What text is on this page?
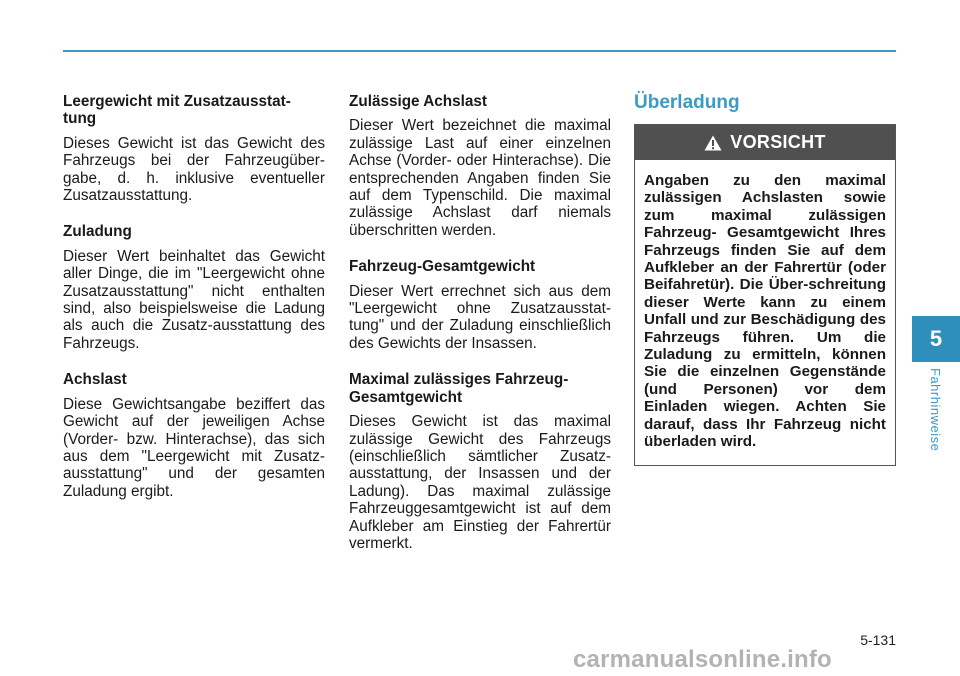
Leergewicht mit Zusatzausstat-
tung

Dieses Gewicht ist das Gewicht des Fahrzeugs bei der Fahrzeugüber-gabe, d. h. inklusive eventueller Zusatzausstattung.

Zuladung

Dieser Wert beinhaltet das Gewicht aller Dinge, die im "Leergewicht ohne Zusatzausstattung" nicht enthalten sind, also beispielsweise die Ladung als auch die Zusatz-ausstattung des Fahrzeugs.

Achslast

Diese Gewichtsangabe beziffert das Gewicht auf der jeweiligen Achse (Vorder- bzw. Hinterachse), das sich aus dem "Leergewicht mit Zusatz-ausstattung" und der gesamten Zuladung ergibt.

Zulässige Achslast

Dieser Wert bezeichnet die maximal zulässige Last auf einer einzelnen Achse (Vorder- oder Hinterachse). Die entsprechenden Angaben finden Sie auf dem Typenschild. Die maximal zulässige Achslast darf niemals überschritten werden.

Fahrzeug-Gesamtgewicht

Dieser Wert errechnet sich aus dem "Leergewicht ohne Zusatzausstat-tung" und der Zuladung einschließlich des Gewichts der Insassen.

Maximal zulässiges Fahrzeug-
Gesamtgewicht

Dieses Gewicht ist das maximal zulässige Gewicht des Fahrzeugs (einschließlich sämtlicher Zusatz-ausstattung, der Insassen und der Ladung). Das maximal zulässige Fahrzeuggesamtgewicht ist auf dem Aufkleber am Einstieg der Fahrertür vermerkt.

Überladung
VORSICHT
Angaben zu den maximal zulässigen Achslasten sowie zum maximal zulässigen Fahrzeug- Gesamtgewicht Ihres Fahrzeugs finden Sie auf dem Aufkleber an der Fahrertür (oder Beifahretür). Die Über-schreitung dieser Werte kann zu einem Unfall und zur Beschädigung des Fahrzeugs führen. Um die Zuladung zu ermitteln, können Sie die einzelnen Gegenstände (und Personen) vor dem Einladen wiegen. Achten Sie darauf, dass Ihr Fahrzeug nicht überladen wird.
5
Fahrhinweise
5-131
carmanualsonline.info
